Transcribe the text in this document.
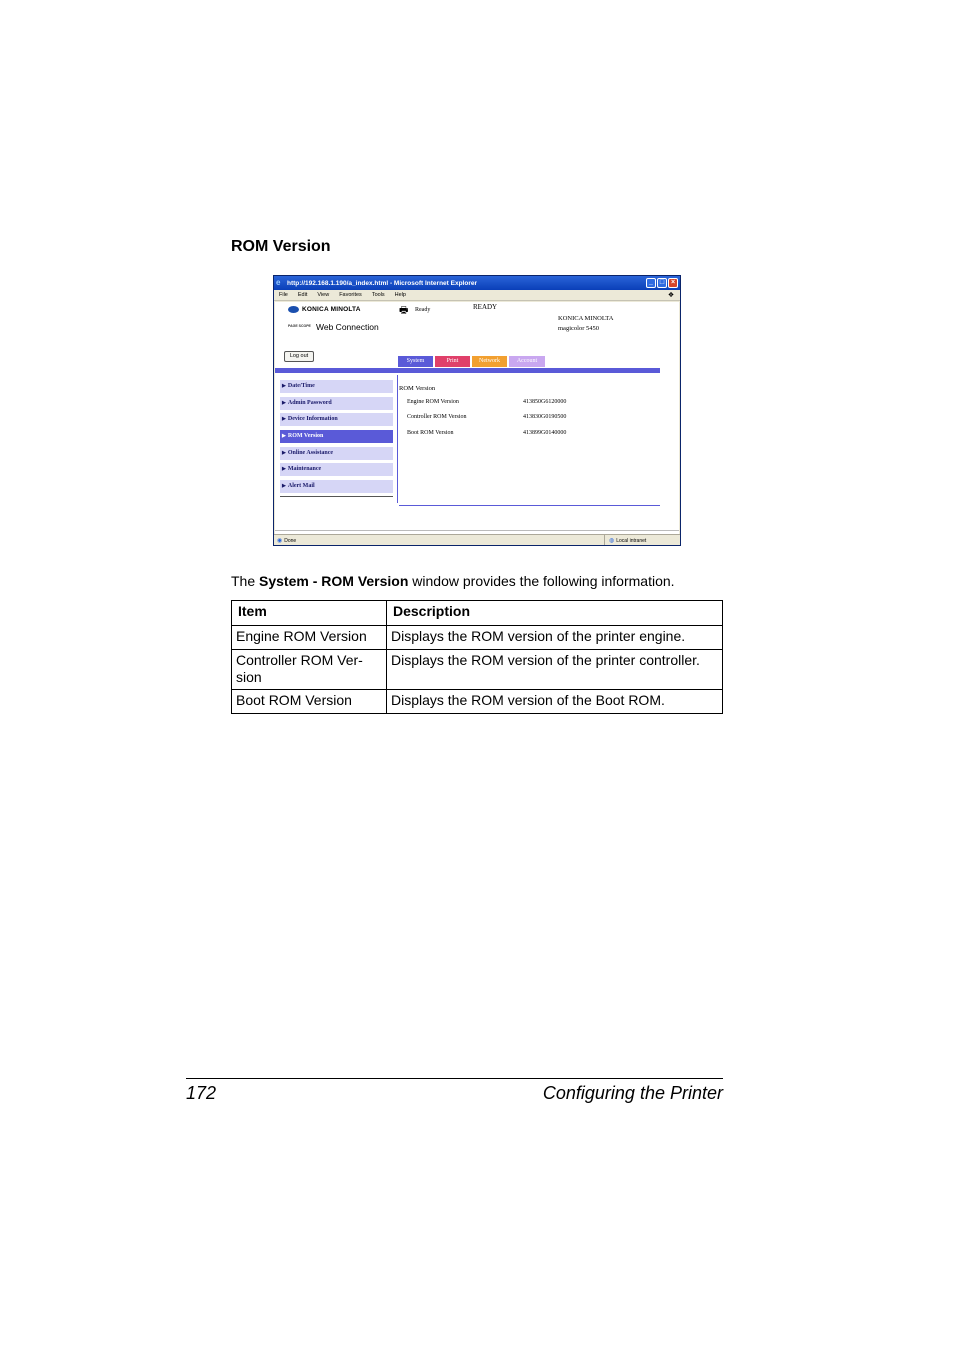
ROM Version
e	http://192.168.1.190/a_index.html - Microsoft Internet Explorer	_ □ ×
File Edit View Favorites Tools Help	❖
KONICA MINOLTA
PAGE SCOPE Web Connection
🖶 Ready	READY
KONICA MINOLTA
magicolor 5450
Log out
System	Print	Network	Account
▶ Date/Time
▶ Admin Password
▶ Device Information
▶ ROM Version
▶ Online Assistance
▶ Maintenance
▶ Alert Mail
ROM Version
Engine ROM Version	413850G6120000
Controller ROM Version	413830G0190500
Boot ROM Version	413899G0140000
◉ Done	◍ Local intranet
The System - ROM Version window provides the following information.
Item	Description
Engine ROM Version	Displays the ROM version of the printer engine.
Controller ROM Ver-
sion	Displays the ROM version of the printer controller.
Boot ROM Version	Displays the ROM version of the Boot ROM.
172	Configuring the Printer
